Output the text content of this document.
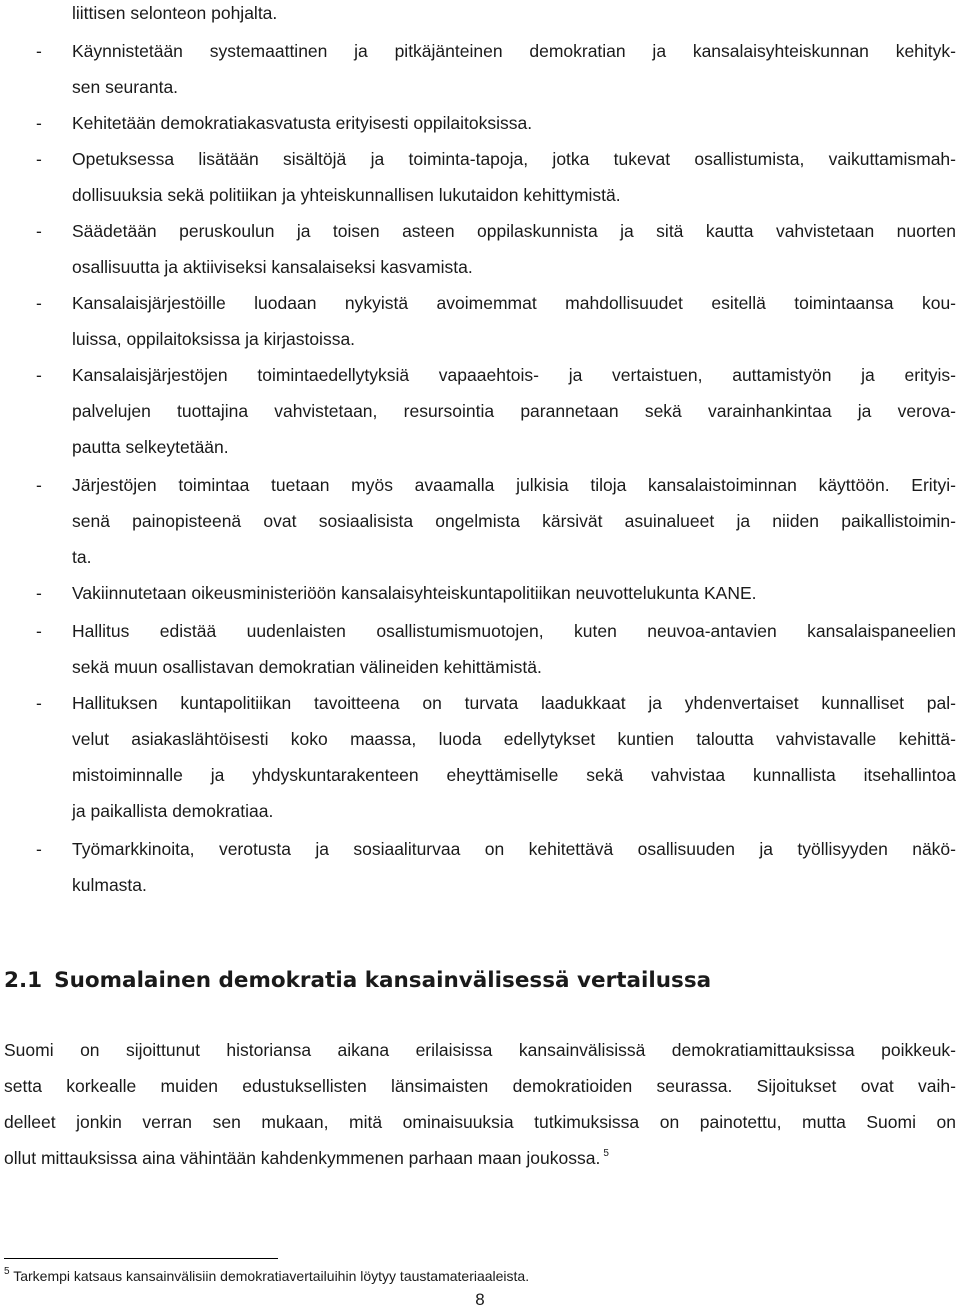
liittisen selonteon pohjalta.
- Käynnistetään systemaattinen ja pitkäjänteinen demokratian ja kansalaisyhteiskunnan kehityk-
sen seuranta.
- Kehitetään demokratiakasvatusta erityisesti oppilaitoksissa.
- Opetuksessa lisätään sisältöjä ja toiminta-tapoja, jotka tukevat osallistumista, vaikuttamismah-
dollisuuksia sekä politiikan ja yhteiskunnallisen lukutaidon kehittymistä.
- Säädetään peruskoulun ja toisen asteen oppilaskunnista ja sitä kautta vahvistetaan nuorten
osallisuutta ja aktiiviseksi kansalaiseksi kasvamista.
- Kansalaisjärjestöille luodaan nykyistä avoimemmat mahdollisuudet esitellä toimintaansa kou-
luissa, oppilaitoksissa ja kirjastoissa.
- Kansalaisjärjestöjen toimintaedellytyksiä vapaaehtois- ja vertaistuen, auttamistyön ja erityis-
palvelujen tuottajina vahvistetaan, resursointia parannetaan sekä varainhankintaa ja verova-
pautta selkeytetään.
- Järjestöjen toimintaa tuetaan myös avaamalla julkisia tiloja kansalaistoiminnan käyttöön. Erityi-
senä painopisteenä ovat sosiaalisista ongelmista kärsivät asuinalueet ja niiden paikallistoimin-
ta.
- Vakiinnutetaan oikeusministeriöön kansalaisyhteiskuntapolitiikan neuvottelukunta KANE.
- Hallitus edistää uudenlaisten osallistumismuotojen, kuten neuvoa-antavien kansalaispaneelien
sekä muun osallistavan demokratian välineiden kehittämistä.
- Hallituksen kuntapolitiikan tavoitteena on turvata laadukkaat ja yhdenvertaiset kunnalliset pal-
velut asiakaslähtöisesti koko maassa, luoda edellytykset kuntien taloutta vahvistavalle kehittä-
mistoiminnalle ja yhdyskuntarakenteen eheyttämiselle sekä vahvistaa kunnallista itsehallintoa
ja paikallista demokratiaa.
- Työmarkkinoita, verotusta ja sosiaaliturvaa on kehitettävä osallisuuden ja työllisyyden näkö-
kulmasta.
2.1 Suomalainen demokratia kansainvälisessä vertailussa
Suomi on sijoittunut historiansa aikana erilaisissa kansainvälisissä demokratiamittauksissa poikkeuk-
setta korkealle muiden edustuksellisten länsimaisten demokratioiden seurassa. Sijoitukset ovat vaih-
delleet jonkin verran sen mukaan, mitä ominaisuuksia tutkimuksissa on painotettu, mutta Suomi on
ollut mittauksissa aina vähintään kahdenkymmenen parhaan maan joukossa. $^5$
$^5$ Tarkempi katsaus kansainvälisiin demokratiavertailuihin löytyy taustamateriaaleista.
8
